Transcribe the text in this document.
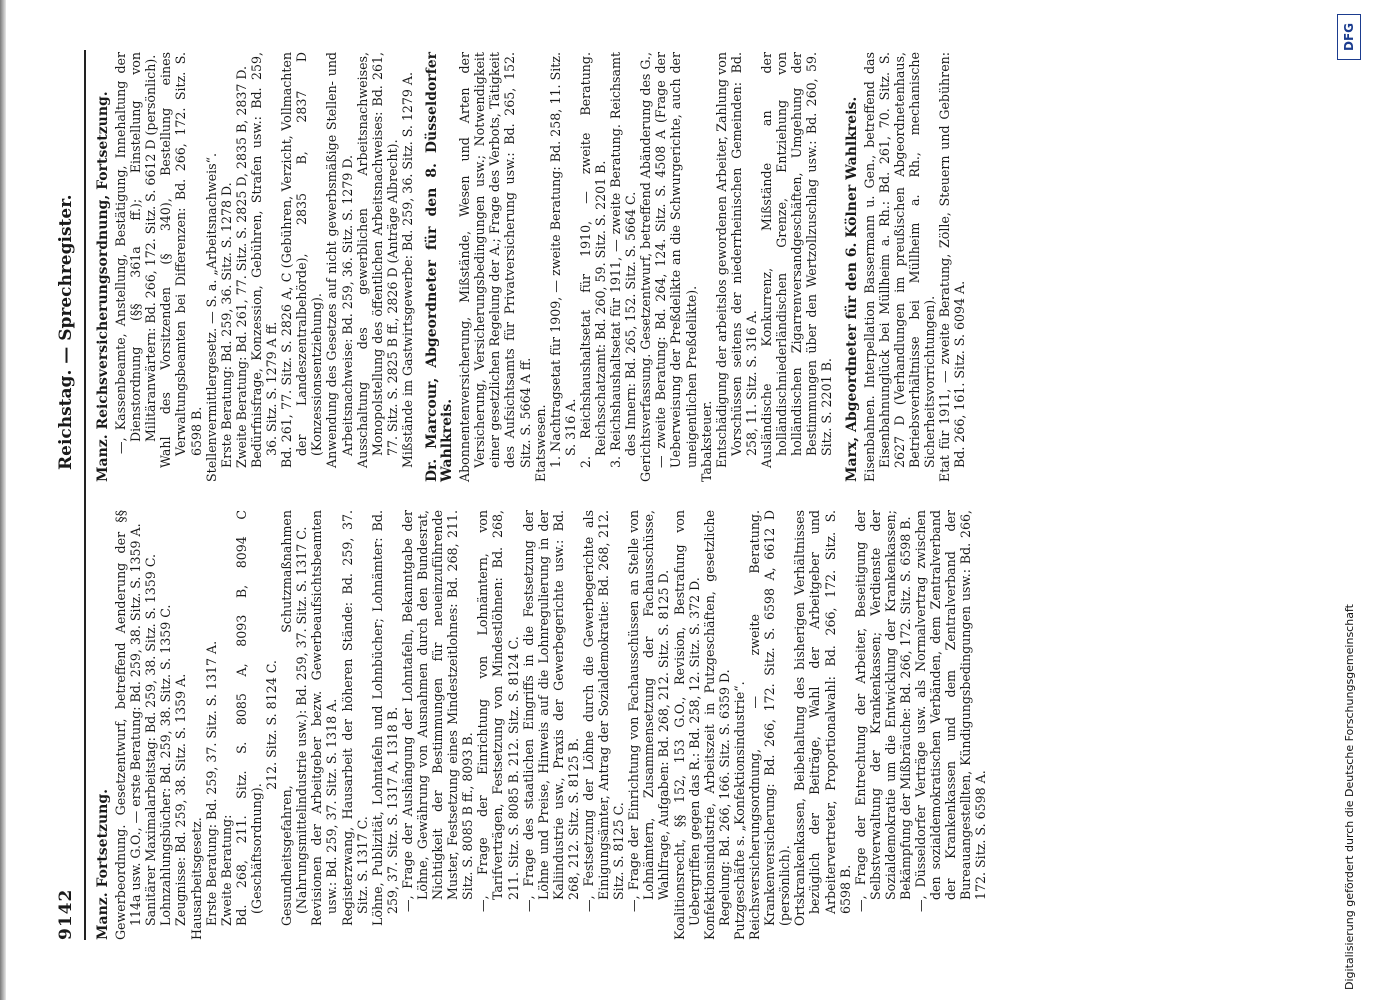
9142
Reichstag. — Sprechregister.

Manz. Fortsetzung. Gewerbeordnung. Gesetzentwurf, betreffend Aenderung der §§ 114a usw. G.O., — erste Beratung: Bd. 259, 38. Sitz. S. 1359 A. Sanitärer Maximalarbeitstag: Bd. 259, 38. Sitz. S. 1359 C. Lohnzahlungsbücher: Bd. 259, 38. Sitz. S. 1359 C. Zeugnisse: Bd. 259, 38. Sitz. S. 1359 A. Hausarbeitsgesetz. Erste Beratung: Bd. 259, 37. Sitz. S. 1317 A. Zweite Beratung: Bd. 268, 211. Sitz. S. 8085 A, 8093 B, 8094 C (Geschäftsordnung).

212. Sitz. S. 8124 C. Gesundheitsgefahren, Schutzmaßnahmen (Nahrungsmittelindustrie usw.): Bd. 259, 37. Sitz. S. 1317 C. Revisionen der Arbeitgeber bezw. Gewerbeaufsichtsbeamten usw.: Bd. 259, 37. Sitz. S. 1318 A. Registerzwang, Hausarbeit der höheren Stände: Bd. 259, 37. Sitz. S. 1317 C. Löhne, Publizität, Lohntafeln und Lohnbücher; Lohnämter: Bd. 259, 37. Sitz. S. 1317 A, 1318 B. —, Frage der Aushängung der Lohntafeln, Bekanntgabe der Löhne, Gewährung von Ausnahmen durch den Bundesrat, Nichtigkeit der Bestimmungen für neueinzuführende Muster, Festsetzung eines Mindestzeitlohnes: Bd. 268, 211. Sitz. S. 8085 B ff., 8093 B. —, Frage der Einrichtung von Lohnämtern, von Tarifverträgen, Festsetzung von Mindestlöhnen: Bd. 268, 211. Sitz. S. 8085 B. 212. Sitz. S. 8124 C. —, Frage des staatlichen Eingriffs in die Festsetzung der Löhne und Preise, Hinweis auf die Lohnregulierung in der Kaliindustrie usw., Praxis der Gewerbegerichte usw.: Bd. 268, 212. Sitz. S. 8125 B. —, Festsetzung der Löhne durch die Gewerbegerichte als Einigungsämter, Antrag der Sozialdemokratie: Bd. 268, 212. Sitz. S. 8125 C. —, Frage der Einrichtung von Fachausschüssen an Stelle von Lohnämtern, Zusammensetzung der Fachausschüsse, Wahlfrage, Aufgaben: Bd. 268, 212. Sitz. S. 8125 D. Koalitionsrecht, §§ 152, 153 G.O., Revision, Bestrafung von Uebergriffen gegen das R.: Bd. 258, 12. Sitz. S. 372 D. Konfektionsindustrie, Arbeitszeit in Putzgeschäften, gesetzliche Regelung: Bd. 266, 166. Sitz. S. 6359 D. Putzgeschäfte s. „Konfektionsindustrie“. Reichsversicherungsordnung, — zweite Beratung. Krankenversicherung: Bd. 266, 172. Sitz. S. 6598 A, 6612 D (persönlich). Ortskrankenkassen, Beibehaltung des bisherigen Verhältnisses bezüglich der Beiträge, Wahl der Arbeitgeber und Arbeitervertreter, Proportionalwahl: Bd. 266, 172. Sitz. S. 6598 B. —, Frage der Entrechtung der Arbeiter, Beseitigung der Selbstverwaltung der Krankenkassen; Verdienste der Sozialdemokratie um die Entwicklung der Krankenkassen; Bekämpfung der Mißbräuche: Bd. 266, 172. Sitz. S. 6598 B. —, Düsseldorfer Verträge usw. als Normalvertrag zwischen den sozialdemokratischen Verbänden, dem Zentralverband der Krankenkassen und dem Zentralverband der Bureauangestellten, Kündigungsbedingungen usw.: Bd. 266, 172. Sitz. S. 6598 A.

Manz. Reichsversicherungsordnung, Fortsetzung. —, Kassenbeamte, Anstellung, Bestätigung, Innehaltung der Dienstordnung (§§ 361a ff.); Einstellung von Militäranwärtern: Bd. 266, 172. Sitz. S. 6612 D (persönlich). Wahl des Vorsitzenden (§ 340), Bestellung eines Verwaltungsbeamten bei Differenzen: Bd. 266, 172. Sitz. S. 6598 B. Stellenvermittlergesetz. — S. a. „Arbeitsnachweis“. Erste Beratung: Bd. 259, 36. Sitz. S. 1278 D. Zweite Beratung: Bd. 261, 77. Sitz. S. 2825 D, 2835 B, 2837 D. Bedürfnisfrage, Konzession, Gebühren, Strafen usw.: Bd. 259, 36. Sitz. S. 1279 A ff. Bd. 261, 77. Sitz. S. 2826 A, C (Gebühren, Verzicht, Vollmachten der Landeszentralbehörde), 2835 B, 2837 D (Konzessionsentziehung). Anwendung des Gesetzes auf nicht gewerbsmäßige Stellen- und Arbeitsnachweise: Bd. 259, 36. Sitz. S. 1279 D. Ausschaltung des gewerblichen Arbeitsnachweises, Monopolstellung des öffentlichen Arbeitsnachweises: Bd. 261, 77. Sitz. S. 2825 B ff., 2826 D (Anträge Albrecht). Mißstände im Gastwirtsgewerbe: Bd. 259, 36. Sitz. S. 1279 A. Dr. Marcour, Abgeordneter für den 8. Düsseldorfer Wahlkreis. Abonnentenversicherung, Mißstände, Wesen und Arten der Versicherung, Versicherungsbedingungen usw.; Notwendigkeit einer gesetzlichen Regelung der A.; Frage des Verbots, Tätigkeit des Aufsichtsamts für Privatversicherung usw.: Bd. 265, 152. Sitz. S. 5664 A ff. Etatswesen. 1. Nachtragsetat für 1909, — zweite Beratung: Bd. 258, 11. Sitz. S. 316 A. 2. Reichshaushaltsetat für 1910, — zweite Beratung. Reichsschatzamt: Bd. 260, 59. Sitz. S. 2201 B. 3. Reichshaushaltsetat für 1911, — zweite Beratung. Reichsamt des Innern: Bd. 265, 152. Sitz. S. 5664 C. Gerichtsverfassung. Gesetzentwurf, betreffend Abänderung des G., — zweite Beratung: Bd. 264, 124. Sitz. S. 4508 A (Frage der Ueberweisung der Preßdelikte an die Schwurgerichte, auch der uneigentlichen Preßdelikte). Tabaksteuer. Entschädigung der arbeitslos gewordenen Arbeiter, Zahlung von Vorschüssen seitens der niederrheinischen Gemeinden: Bd. 258, 11. Sitz. S. 316 A. Ausländische Konkurrenz, Mißstände an der holländischniederländischen Grenze, Entziehung von holländischen Zigarrenversandgeschäften, Umgehung der Bestimmungen über den Wertzollzuschlag usw.: Bd. 260, 59. Sitz. S. 2201 B. Marx, Abgeordneter für den 6. Kölner Wahlkreis. Eisenbahnen. Interpellation Bassermann u. Gen., betreffend das Eisenbahnunglück bei Müllheim a. Rh.: Bd. 261, 70. Sitz. S. 2627 D (Verhandlungen im preußischen Abgeordnetenhaus, Betriebsverhältnisse bei Müllheim a. Rh., mechanische Sicherheitsvorrichtungen). Etat für 1911, — zweite Beratung, Zölle, Steuern und Gebühren: Bd. 266, 161. Sitz. S. 6094 A.

Digitalisierung gefördert durch die Deutsche Forschungsgemeinschaft
DFG
